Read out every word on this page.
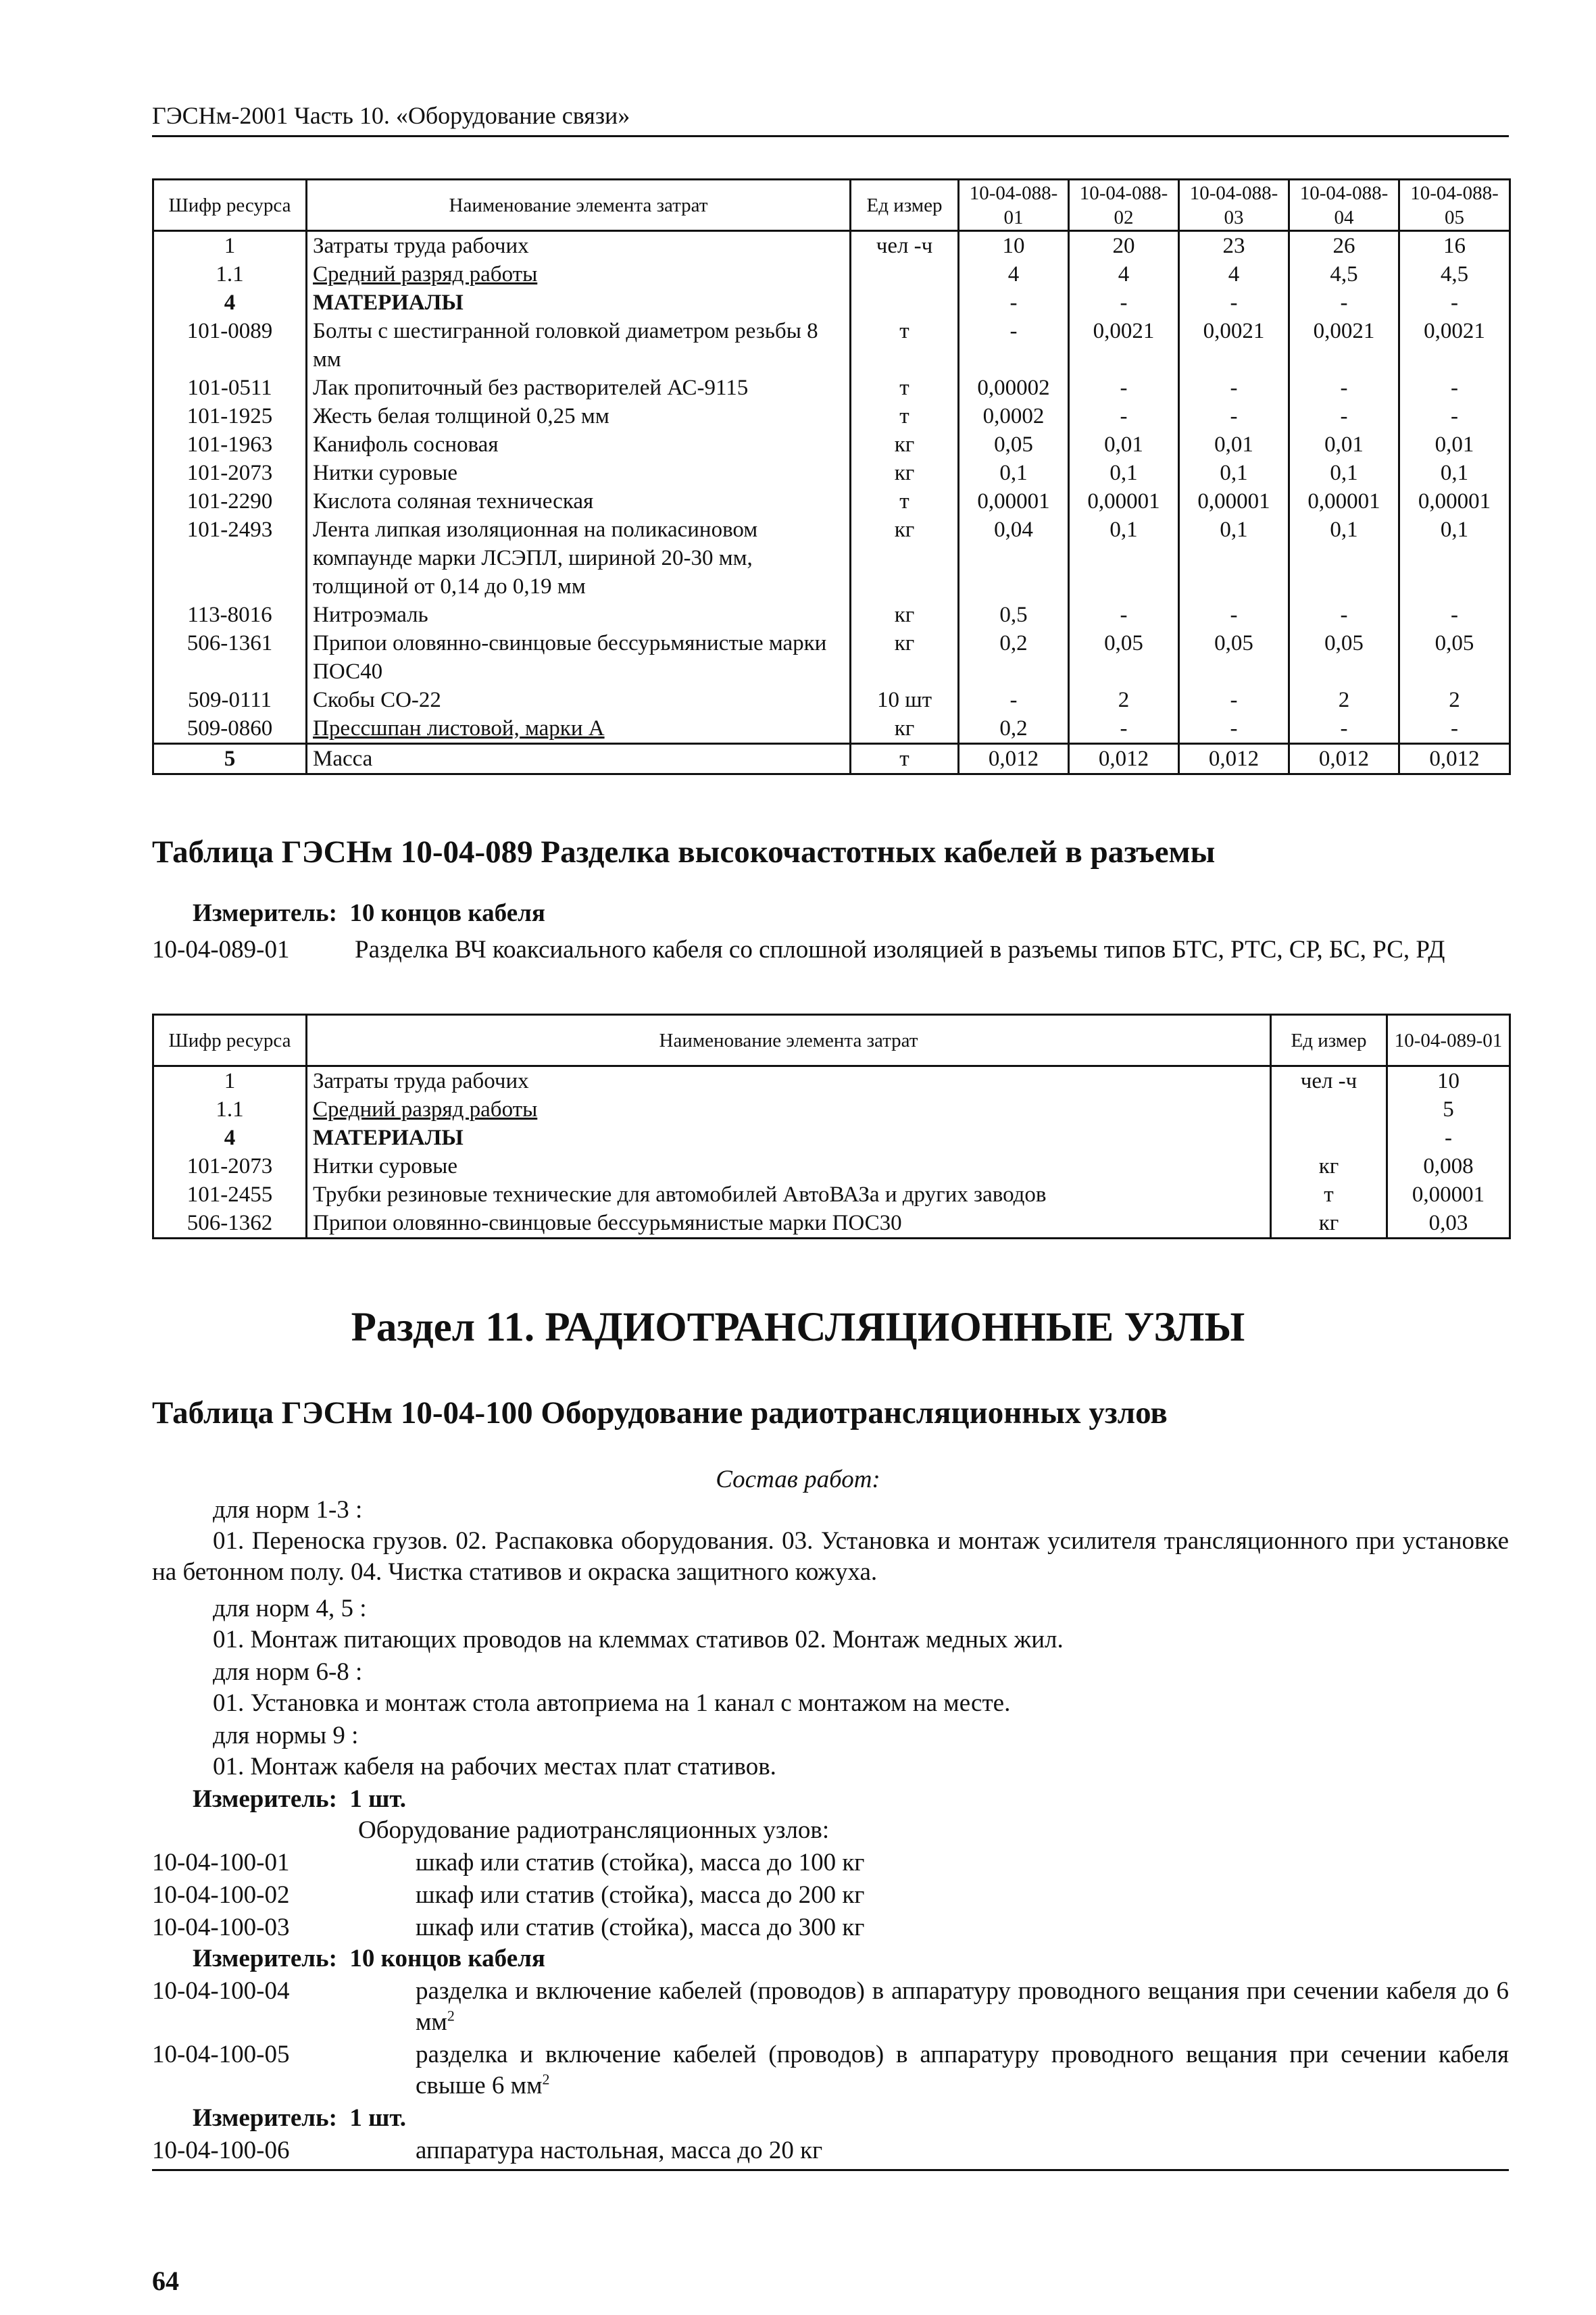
ГЭСНм-2001 Часть 10. «Оборудование связи»
Шифр ресурса	Наименование элемента затрат	Ед измер	10-04-088-01	10-04-088-02	10-04-088-03	10-04-088-04	10-04-088-05
1	Затраты труда рабочих	чел -ч	10	20	23	26	16
1.1	Средний разряд работы		4	4	4	4,5	4,5
4	МАТЕРИАЛЫ		-	-	-	-	-
101-0089	Болты с шестигранной головкой диаметром резьбы 8 мм	т	-	0,0021	0,0021	0,0021	0,0021
101-0511	Лак пропиточный без растворителей АС-9115	т	0,00002	-	-	-	-
101-1925	Жесть белая толщиной 0,25 мм	т	0,0002	-	-	-	-
101-1963	Канифоль сосновая	кг	0,05	0,01	0,01	0,01	0,01
101-2073	Нитки суровые	кг	0,1	0,1	0,1	0,1	0,1
101-2290	Кислота соляная техническая	т	0,00001	0,00001	0,00001	0,00001	0,00001
101-2493	Лента липкая изоляционная на поликасиновом компаунде марки ЛСЭПЛ, шириной 20-30 мм, толщиной от 0,14 до 0,19 мм	кг	0,04	0,1	0,1	0,1	0,1
113-8016	Нитроэмаль	кг	0,5	-	-	-	-
506-1361	Припои оловянно-свинцовые бессурьмянистые марки ПОС40	кг	0,2	0,05	0,05	0,05	0,05
509-0111	Скобы СО-22	10 шт	-	2	-	2	2
509-0860	Прессшпан листовой, марки А	кг	0,2	-	-	-	-
5	Масса	т	0,012	0,012	0,012	0,012	0,012
Таблица ГЭСНм 10-04-089 Разделка высокочастотных кабелей в разъемы
Измеритель: 10 концов кабеля
10-04-089-01	Разделка ВЧ коаксиального кабеля со сплошной изоляцией в разъемы типов БТС, РТС, СР, БС, РС, РД
Шифр ресурса	Наименование элемента затрат	Ед измер	10-04-089-01
1	Затраты труда рабочих	чел -ч	10
1.1	Средний разряд работы		5
4	МАТЕРИАЛЫ		-
101-2073	Нитки суровые	кг	0,008
101-2455	Трубки резиновые технические для автомобилей АвтоВАЗа и других заводов	т	0,00001
506-1362	Припои оловянно-свинцовые бессурьмянистые марки ПОС30	кг	0,03
Раздел 11. РАДИОТРАНСЛЯЦИОННЫЕ УЗЛЫ
Таблица ГЭСНм 10-04-100 Оборудование радиотрансляционных узлов
Состав работ:
для норм 1-3 :
01. Переноска грузов. 02. Распаковка оборудования. 03. Установка и монтаж усилителя трансляционного при установке на бетонном полу. 04. Чистка стативов и окраска защитного кожуха.
для норм 4, 5 :
01. Монтаж питающих проводов на клеммах стативов 02. Монтаж медных жил.
для норм 6-8 :
01. Установка и монтаж стола автоприема на 1 канал с монтажом на месте.
для нормы 9 :
01. Монтаж кабеля на рабочих местах плат стативов.
Измеритель: 1 шт.
Оборудование радиотрансляционных узлов:
10-04-100-01	шкаф или статив (стойка), масса до 100 кг
10-04-100-02	шкаф или статив (стойка), масса до 200 кг
10-04-100-03	шкаф или статив (стойка), масса до 300 кг
Измеритель: 10 концов кабеля
10-04-100-04	разделка и включение кабелей (проводов) в аппаратуру проводного вещания при сечении кабеля до 6 $мм^2$
10-04-100-05	разделка и включение кабелей (проводов) в аппаратуру проводного вещания при сечении кабеля свыше 6 $мм^2$
Измеритель: 1 шт.
10-04-100-06	аппаратура настольная, масса до 20 кг
64
